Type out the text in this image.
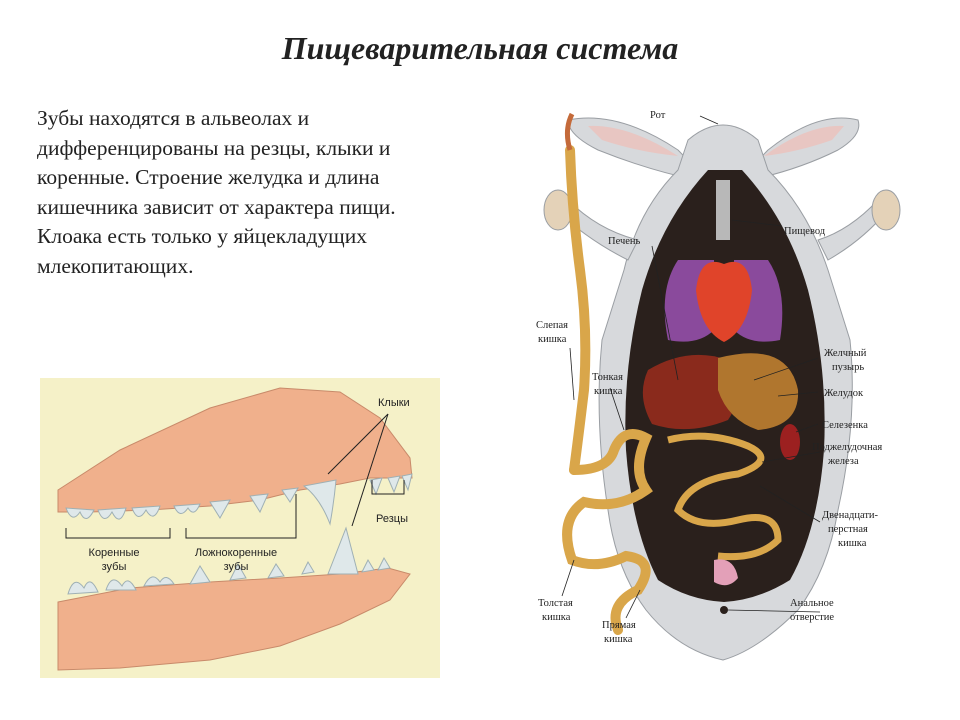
Пищеварительная система
Зубы находятся в альвеолах и
дифференцированы на резцы, клыки и
коренные. Строение желудка и длина
кишечника зависит от характера пищи.
Клоака есть только у яйцекладущих
млекопитающих.
Клыки
Резцы
Коренные
зубы
Ложнокоренные
зубы
Рот
Пищевод
Печень
Желчный
пузырь
Желудок
Селезенка
Поджелудочная
железа
Двенадцати-
перстная
кишка
Анальное
отверстие
Слепая
кишка
Тонкая
кишка
Толстая
кишка
Прямая
кишка
